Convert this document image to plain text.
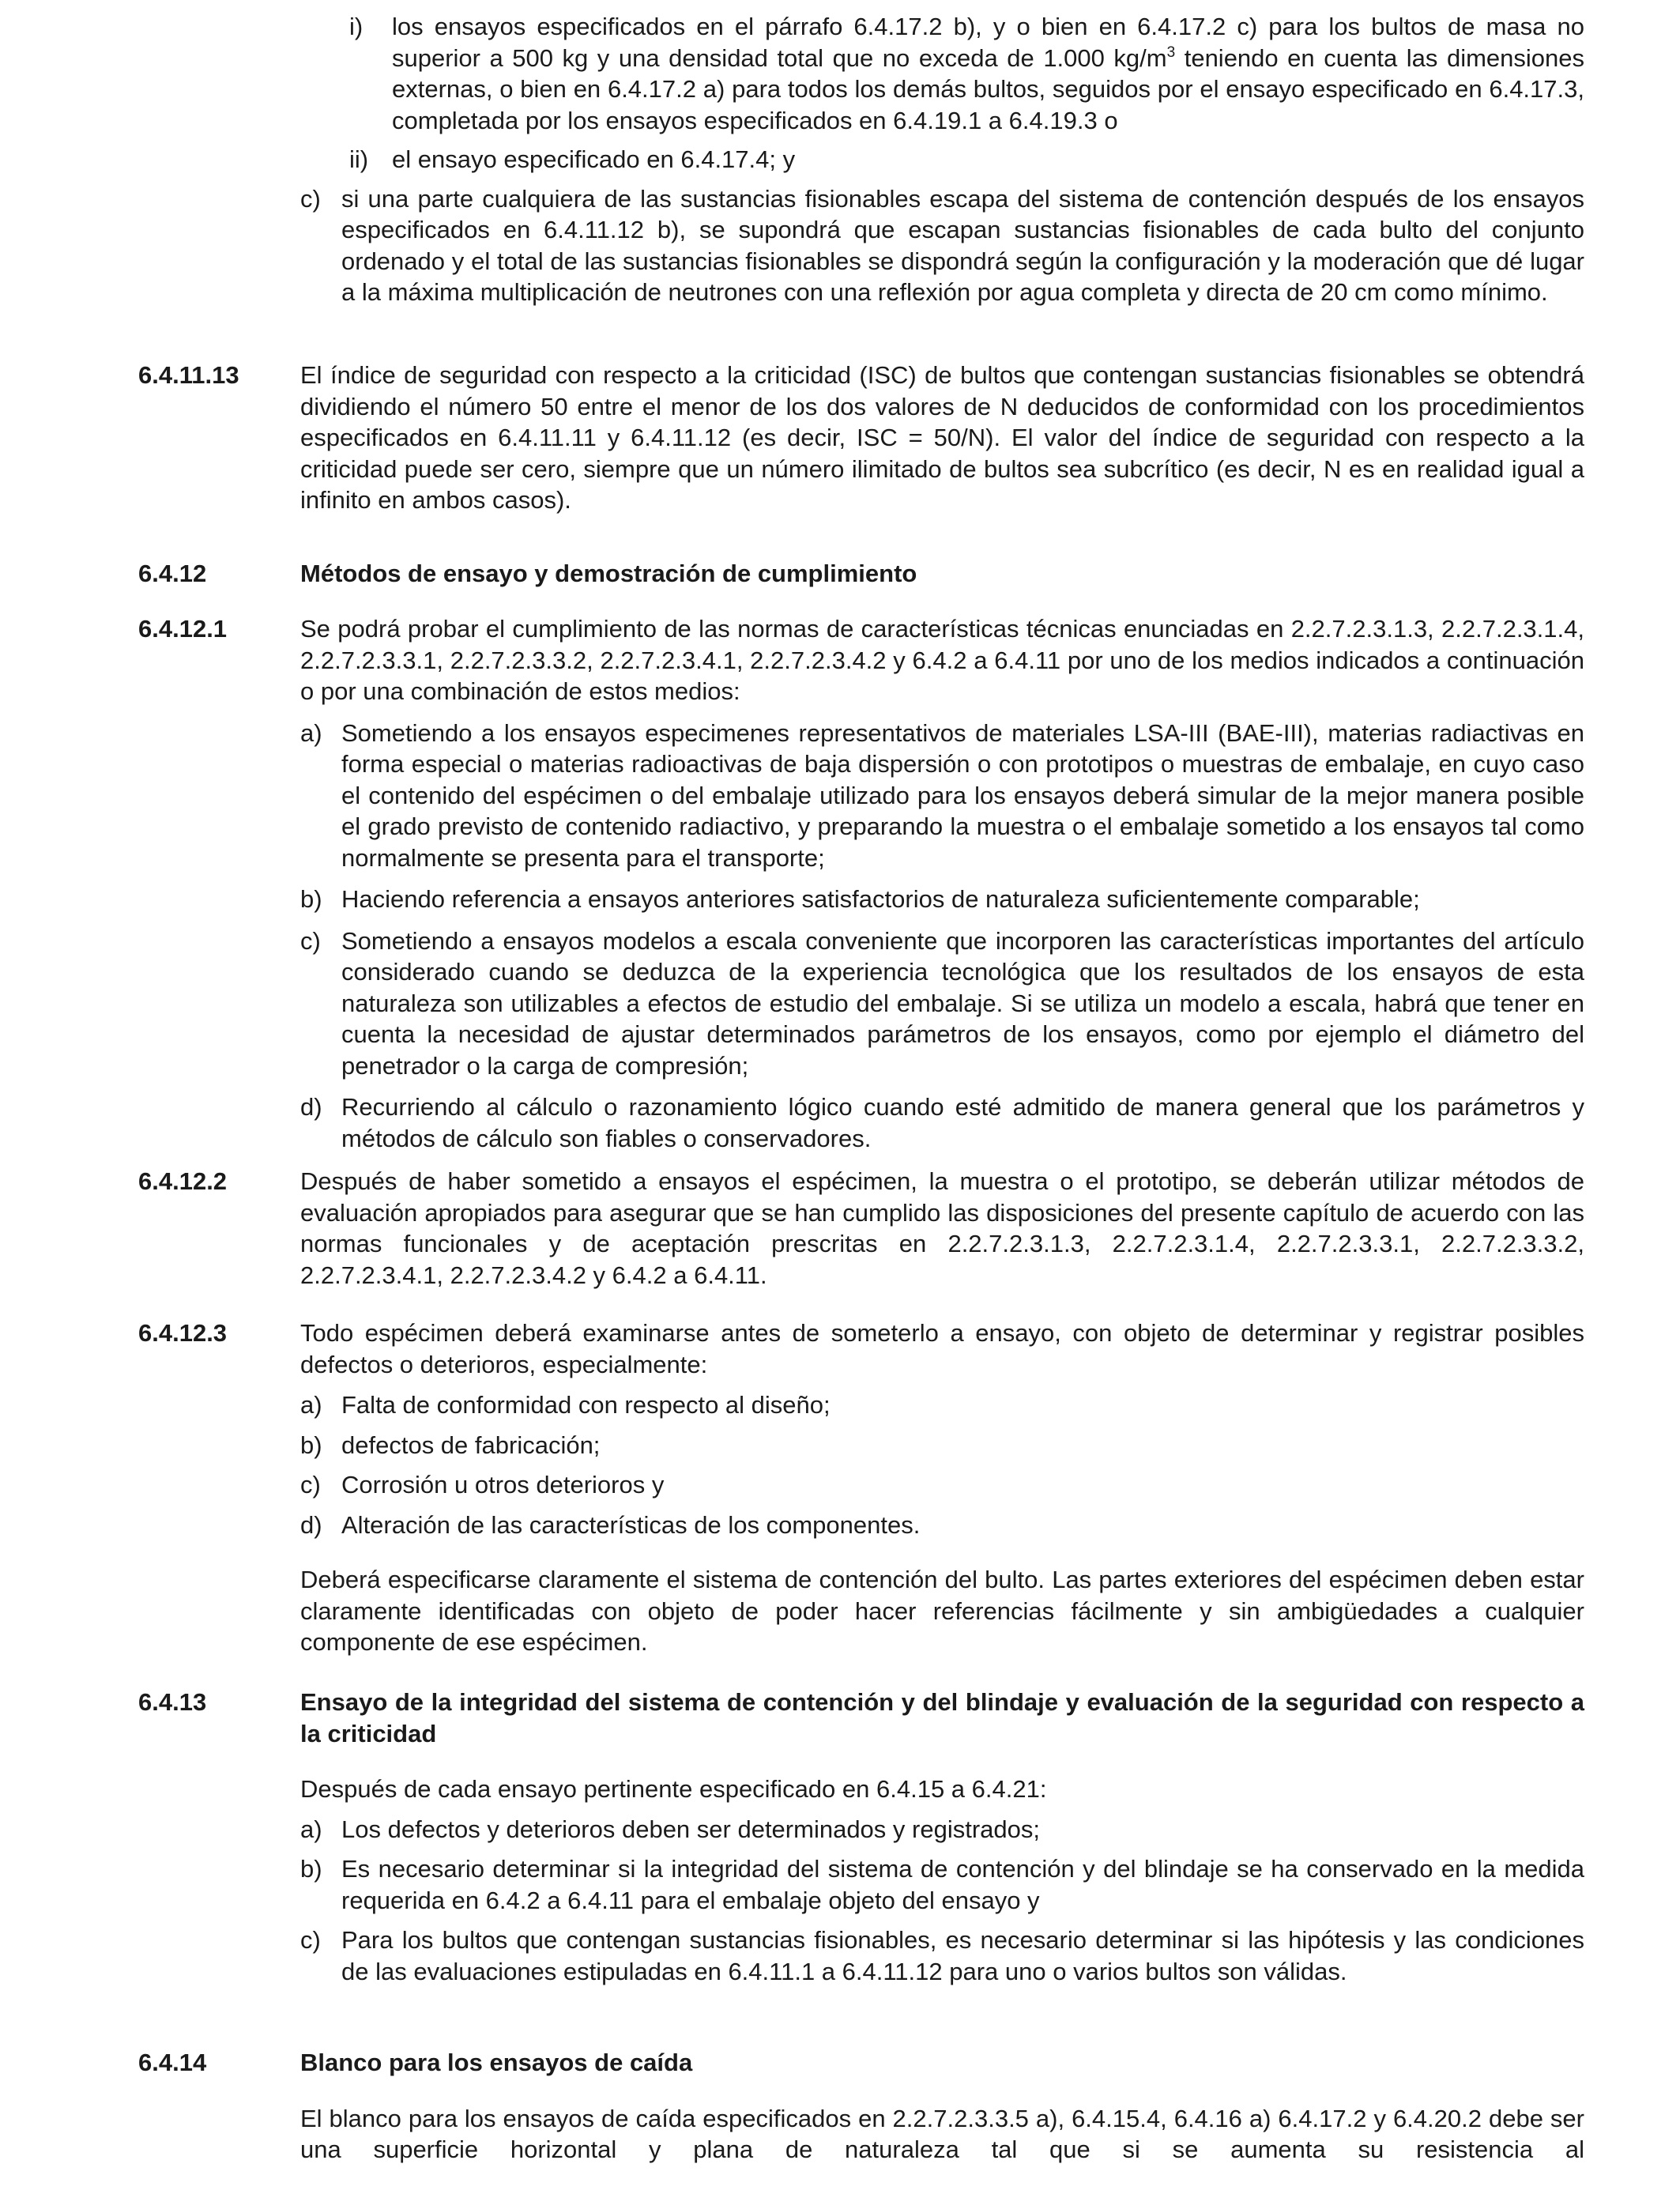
i) los ensayos especificados en el párrafo 6.4.17.2 b), y o bien en 6.4.17.2 c) para los bultos de masa no superior a 500 kg y una densidad total que no exceda de 1.000 $kg/m^3$ teniendo en cuenta las dimensiones externas, o bien en 6.4.17.2 a) para todos los demás bultos, seguidos por el ensayo especificado en 6.4.17.3, completada por los ensayos especificados en 6.4.19.1 a 6.4.19.3 o

ii) el ensayo especificado en 6.4.17.4; y

c) si una parte cualquiera de las sustancias fisionables escapa del sistema de contención después de los ensayos especificados en 6.4.11.12 b), se supondrá que escapan sustancias fisionables de cada bulto del conjunto ordenado y el total de las sustancias fisionables se dispondrá según la configuración y la moderación que dé lugar a la máxima multiplicación de neutrones con una reflexión por agua completa y directa de 20 cm como mínimo.

6.4.11.13 El índice de seguridad con respecto a la criticidad (ISC) de bultos que contengan sustancias fisionables se obtendrá dividiendo el número 50 entre el menor de los dos valores de N deducidos de conformidad con los procedimientos especificados en 6.4.11.11 y 6.4.11.12 (es decir, ISC = 50/N). El valor del índice de seguridad con respecto a la criticidad puede ser cero, siempre que un número ilimitado de bultos sea subcrítico (es decir, N es en realidad igual a infinito en ambos casos).

6.4.12	Métodos de ensayo y demostración de cumplimiento

6.4.12.1	Se podrá probar el cumplimiento de las normas de características técnicas enunciadas en 2.2.7.2.3.1.3, 2.2.7.2.3.1.4, 2.2.7.2.3.3.1, 2.2.7.2.3.3.2, 2.2.7.2.3.4.1, 2.2.7.2.3.4.2 y 6.4.2 a 6.4.11 por uno de los medios indicados a continuación o por una combinación de estos medios:

a) Sometiendo a los ensayos especimenes representativos de materiales LSA-III (BAE-III), materias radiactivas en forma especial o materias radioactivas de baja dispersión o con prototipos o muestras de embalaje, en cuyo caso el contenido del espécimen o del embalaje utilizado para los ensayos deberá simular de la mejor manera posible el grado previsto de contenido radiactivo, y preparando la muestra o el embalaje sometido a los ensayos tal como normalmente se presenta para el transporte;

b) Haciendo referencia a ensayos anteriores satisfactorios de naturaleza suficientemente comparable;

c) Sometiendo a ensayos modelos a escala conveniente que incorporen las características importantes del artículo considerado cuando se deduzca de la experiencia tecnológica que los resultados de los ensayos de esta naturaleza son utilizables a efectos de estudio del embalaje. Si se utiliza un modelo a escala, habrá que tener en cuenta la necesidad de ajustar determinados parámetros de los ensayos, como por ejemplo el diámetro del penetrador o la carga de compresión;

d) Recurriendo al cálculo o razonamiento lógico cuando esté admitido de manera general que los parámetros y métodos de cálculo son fiables o conservadores.

6.4.12.2	Después de haber sometido a ensayos el espécimen, la muestra o el prototipo, se deberán utilizar métodos de evaluación apropiados para asegurar que se han cumplido las disposiciones del presente capítulo de acuerdo con las normas funcionales y de aceptación prescritas en 2.2.7.2.3.1.3, 2.2.7.2.3.1.4, 2.2.7.2.3.3.1, 2.2.7.2.3.3.2, 2.2.7.2.3.4.1, 2.2.7.2.3.4.2 y 6.4.2 a 6.4.11.

6.4.12.3	Todo espécimen deberá examinarse antes de someterlo a ensayo, con objeto de determinar y registrar posibles defectos o deterioros, especialmente:

a) Falta de conformidad con respecto al diseño;

b) defectos de fabricación;

c) Corrosión u otros deterioros y

d) Alteración de las características de los componentes.

Deberá especificarse claramente el sistema de contención del bulto. Las partes exteriores del espécimen deben estar claramente identificadas con objeto de poder hacer referencias fácilmente y sin ambigüedades a cualquier componente de ese espécimen.

6.4.13	Ensayo de la integridad del sistema de contención y del blindaje y evaluación de la seguridad con respecto a la criticidad

Después de cada ensayo pertinente especificado en 6.4.15 a 6.4.21:

a) Los defectos y deterioros deben ser determinados y registrados;

b) Es necesario determinar si la integridad del sistema de contención y del blindaje se ha conservado en la medida requerida en 6.4.2 a 6.4.11 para el embalaje objeto del ensayo y

c) Para los bultos que contengan sustancias fisionables, es necesario determinar si las hipótesis y las condiciones de las evaluaciones estipuladas en 6.4.11.1 a 6.4.11.12 para uno o varios bultos son válidas.

6.4.14	Blanco para los ensayos de caída

El blanco para los ensayos de caída especificados en 2.2.7.2.3.3.5 a), 6.4.15.4, 6.4.16 a) 6.4.17.2 y 6.4.20.2 debe ser una superficie horizontal y plana de naturaleza tal que si se aumenta su resistencia al
